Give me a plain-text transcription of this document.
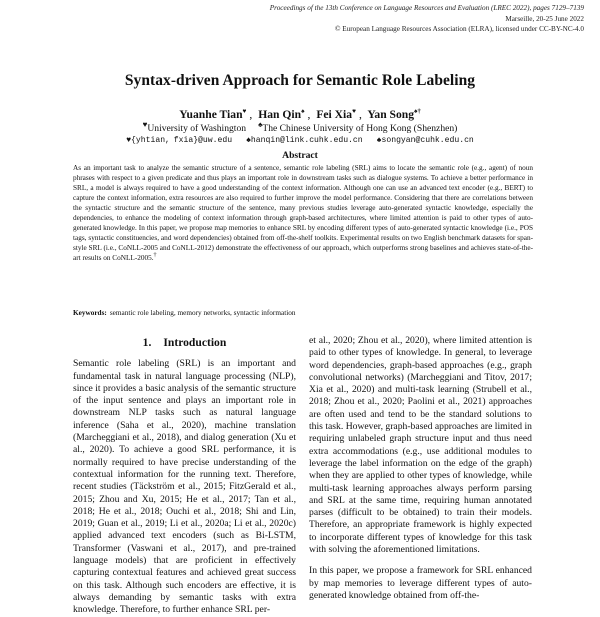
Proceedings of the 13th Conference on Language Resources and Evaluation (LREC 2022), pages 7129–7139
Marseille, 20-25 June 2022
© European Language Resources Association (ELRA), licensed under CC-BY-NC-4.0
Syntax-driven Approach for Semantic Role Labeling
Yuanhe Tian♥ , Han Qin♠ , Fei Xia♥ , Yan Song♠†
♥University of Washington ♠The Chinese University of Hong Kong (Shenzhen)
♥{yhtian, fxia}@uw.edu ♠hanqin@link.cuhk.edu.cn ♠songyan@cuhk.edu.cn
Abstract

As an important task to analyze the semantic structure of a sentence, semantic role labeling (SRL) aims to locate the semantic role (e.g., agent) of noun phrases with respect to a given predicate and thus plays an important role in downstream tasks such as dialogue systems. To achieve a better performance in SRL, a model is always required to have a good understanding of the context information. Although one can use an advanced text encoder (e.g., BERT) to capture the context information, extra resources are also required to further improve the model performance. Considering that there are correlations between the syntactic structure and the semantic structure of the sentence, many previous studies leverage auto-generated syntactic knowledge, especially the dependencies, to enhance the modeling of context information through graph-based architectures, where limited attention is paid to other types of auto-generated knowledge. In this paper, we propose map memories to enhance SRL by encoding different types of auto-generated syntactic knowledge (i.e., POS tags, syntactic constituencies, and word dependencies) obtained from off-the-shelf toolkits. Experimental results on two English benchmark datasets for span-style SRL (i.e., CoNLL-2005 and CoNLL-2012) demonstrate the effectiveness of our approach, which outperforms strong baselines and achieves state-of-the-art results on CoNLL-2005.†

Keywords: semantic role labeling, memory networks, syntactic information

1. Introduction

Semantic role labeling (SRL) is an important and fundamental task in natural language processing (NLP), since it provides a basic analysis of the semantic structure of the input sentence and plays an important role in downstream NLP tasks such as natural language inference (Saha et al., 2020), machine translation (Marcheggiani et al., 2018), and dialog generation (Xu et al., 2020). To achieve a good SRL performance, it is normally required to have precise understanding of the contextual information for the running text. Therefore, recent studies (Täckström et al., 2015; FitzGerald et al., 2015; Zhou and Xu, 2015; He et al., 2017; Tan et al., 2018; He et al., 2018; Ouchi et al., 2018; Shi and Lin, 2019; Guan et al., 2019; Li et al., 2020a; Li et al., 2020c) applied advanced text encoders (such as Bi-LSTM, Transformer (Vaswani et al., 2017), and pre-trained language models) that are proficient in effectively capturing contextual features and achieved great success on this task. Although such encoders are effective, it is always demanding by semantic tasks with extra knowledge. Therefore, to further enhance SRL per-

et al., 2020; Zhou et al., 2020), where limited attention is paid to other types of knowledge. In general, to leverage word dependencies, graph-based approaches (e.g., graph convolutional networks) (Marcheggiani and Titov, 2017; Xia et al., 2020) and multi-task learning (Strubell et al., 2018; Zhou et al., 2020; Paolini et al., 2021) approaches are often used and tend to be the standard solutions to this task. However, graph-based approaches are limited in requiring unlabeled graph structure input and thus need extra accommodations (e.g., use additional modules to leverage the label information on the edge of the graph) when they are applied to other types of knowledge, while multi-task learning approaches always perform parsing and SRL at the same time, requiring human annotated parses (difficult to be obtained) to train their models. Therefore, an appropriate framework is highly expected to incorporate different types of knowledge for this task with solving the aforementioned limitations.

In this paper, we propose a framework for SRL enhanced by map memories to leverage different types of auto-generated knowledge obtained from off-the-
